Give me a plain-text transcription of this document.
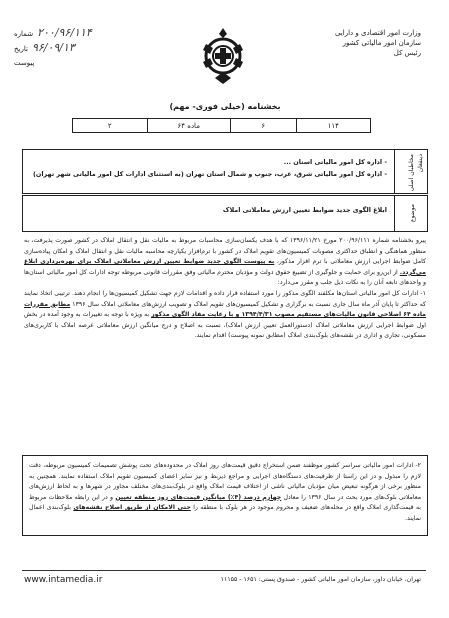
وزارت امور اقتصادی و دارایی
سازمان امور مالیاتی کشور
رئیس کل
۲۰۰/۹۶/۱۱۴
شماره
۹۶/۰۹/۱۳
تاریخ
پیوست
بخشنامه (خیلی فوری- مهم)
۱۱۴	۶	ماده ۶۴	۲
مخاطبان اصلی ذینفعان
- اداره کل امور مالیاتی استان ...
- اداره کل امور مالیاتی شرق، غرب، جنوب و شمال استان تهران (به استثنای ادارات کل امور مالیاتی شهر تهران)
موضوع
ابلاغ الگوی جدید ضوابط تعیین ارزش معاملاتی املاک

پیرو بخشنامه شماره ۲۰۰/۹۶/۱۱۱ مورخ ۱۳۹۶/۱۱/۲۱ که با هدف یکسان‌سازی محاسبات مربوط به مالیات نقل و انتقال املاک در کشور صورت پذیرفت، به منظور هماهنگی و انطباق حداکثری مصوبات کمیسیون‌های تقویم املاک در کشور با ترم‌افزار یکپارچه محاسبه مالیات نقل و انتقال املاک و امکان پیاده‌سازی کامل ضوابط اجرایی ارزش معاملاتی با ترم افزار مذکور، به پیوست الگوی جدید ضوابط تعیین ارزش معاملاتی املاک برای بهره‌برداری ابلاغ می‌گردد. از این‌رو برای حمایت و جلوگیری از تضییع حقوق دولت و مؤدیان محترم مالیاتی وفق مقررات قانونی مربوطه توجه ادارات کل امور مالیاتی استان‌ها و واحدهای تابعه آنان را به نکات ذیل جلب و مقرر می‌دارد:

۱- ادارات کل امور مالیاتی استان‌ها مکلفند الگوی مذکور را مورد استفاده قرار داده و اقدامات لازم جهت تشکیل کمیسیون‌ها را انجام دهند. ترتیبی اتخاذ نمایند که حداکثر تا پایان آذر ماه سال جاری نسبت به برگزاری و تشکیل کمیسیون‌های تقویم املاک و تصویب ارزش‌های معاملاتی املاک سال ۱۳۹۶ مطابق مقررات ماده ۶۴ اصلاحی قانون مالیات‌های مستقیم مصوب ۱۳۹۴/۴/۳۱ و با رعایت مفاد الگوی مذکور به ویژه با توجه به تغییرات به وجود آمده در بخش اول ضوابط اجرایی ارزش معاملاتی املاک (دستورالعمل تعیین ارزش املاک)، نسبت به اصلاح و درج میانگین ارزش معاملاتی عرصه املاک با کاربری‌های مسکونی، تجاری و اداری در نقشه‌های بلوک‌بندی املاک (مطابق نمونه پیوست) اقدام نمایند.

۲- ادارات امور مالیاتی سراسر کشور موظفند ضمن استخراج دقیق قیمت‌های روز املاک در محدوده‌های تحت پوشش تصمیمات کمیسیون مربوطه، دقت لازم را مبذول و در این راستا از ظرفیت‌های دستگاه‌های اجرایی و مراجع ذیربط و نیز سایر اعضای کمیسیون تقویم املاک استفاده نمایند. همچنین به منظور برخی از هرگونه تبعیض میان مؤدیان مالیاتی ناشی از اختلاف قیمت املاک واقع در بلوک‌بندی‌های مختلف مجاور در شهرها و به لحاظ ارزش‌های معاملاتی بلوک‌های مورد بحث در سال ۱۳۹۶ را معادل چهارم درصد (۴٪) میانگین قیمت‌های روز منطقه تعیین و در این رابطه ملاحظات مربوط به قیمت‌گذاری املاک واقع در محله‌های ضعیف و محروم موجود در هر بلوک با منطقه را حتی الامکان از طریق اصلاح نقشه‌های بلوک‌بندی اعمال نمایند.
تهران، خیابان داور، سازمان امور مالیاتی کشور - صندوق پستی: ۱۶۵۱ - ۱۱۱۵۵
www.intamedia.ir
